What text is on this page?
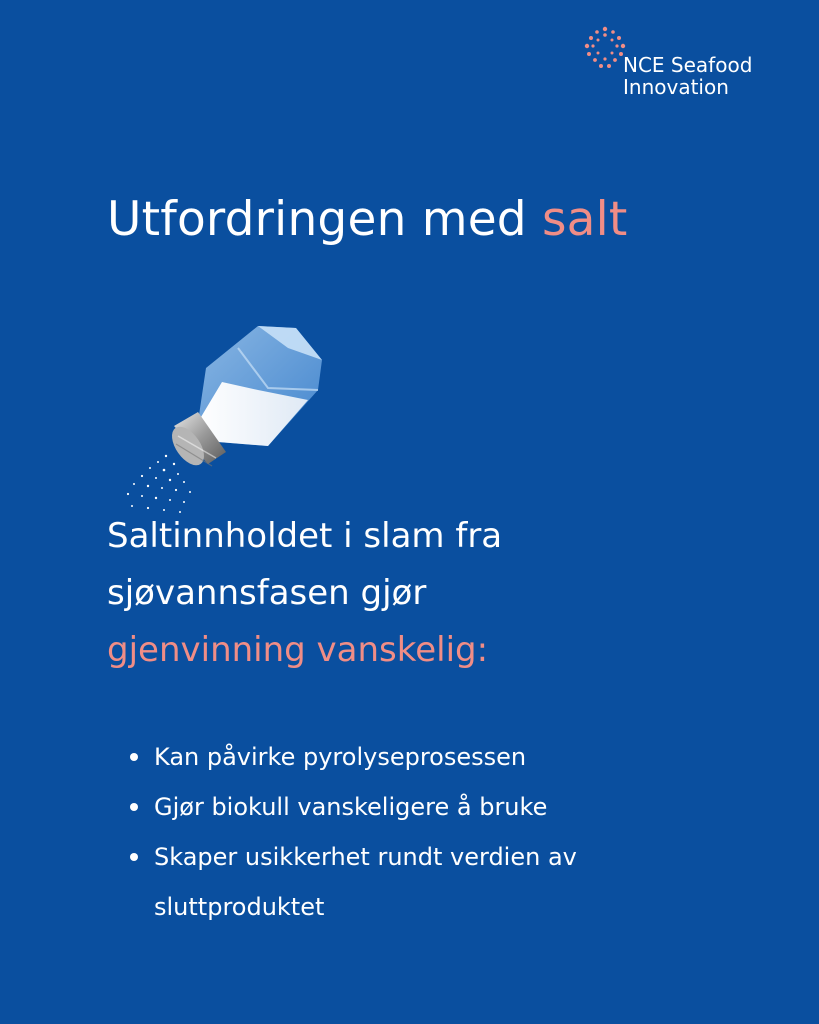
NCE Seafood
Innovation
Utfordringen med salt
Saltinnholdet i slam fra
sjøvannsfasen gjør
gjenvinning vanskelig:
Kan påvirke pyrolyseprosessen
Gjør biokull vanskeligere å bruke
Skaper usikkerhet rundt verdien av
sluttproduktet
